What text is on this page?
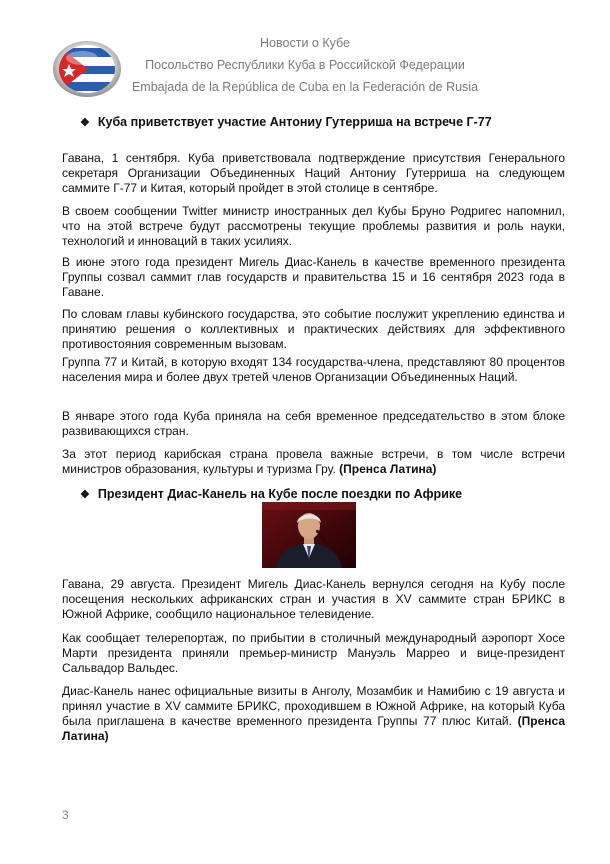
Новости о Кубе
Посольство Республики Куба в Российской Федерации
Embajada de la República de Cuba en la Federación de Rusia
❖ Куба приветствует участие Антониу Гутерриша на встрече Г-77
Гавана, 1 сентября. Куба приветствовала подтверждение присутствия Генерального секретаря Организации Объединенных Наций Антониу Гутерриша на следующем саммите Г-77 и Китая, который пройдет в этой столице в сентябре.
В своем сообщении Twitter министр иностранных дел Кубы Бруно Родригес напомнил, что на этой встрече будут рассмотрены текущие проблемы развития и роль науки, технологий и инноваций в таких усилиях.
В июне этого года президент Мигель Диас-Канель в качестве временного президента Группы созвал саммит глав государств и правительства 15 и 16 сентября 2023 года в Гаване.
По словам главы кубинского государства, это событие послужит укреплению единства и принятию решения о коллективных и практических действиях для эффективного противостояния современным вызовам.
Группа 77 и Китай, в которую входят 134 государства-члена, представляют 80 процентов населения мира и более двух третей членов Организации Объединенных Наций.
В январе этого года Куба приняла на себя временное председательство в этом блоке развивающихся стран.
За этот период карибская страна провела важные встречи, в том числе встречи министров образования, культуры и туризма Гру. (Пренса Латина)
❖ Президент Диас-Канель на Кубе после поездки по Африке
Гавана, 29 августа. Президент Мигель Диас-Канель вернулся сегодня на Кубу после посещения нескольких африканских стран и участия в XV саммите стран БРИКС в Южной Африке, сообщило национальное телевидение.
Как сообщает телерепортаж, по прибытии в столичный международный аэропорт Хосе Марти президента приняли премьер-министр Мануэль Маррео и вице-президент Сальвадор Вальдес.
Диас-Канель нанес официальные визиты в Анголу, Мозамбик и Намибию с 19 августа и принял участие в XV саммите БРИКС, проходившем в Южной Африке, на который Куба была приглашена в качестве временного президента Группы 77 плюс Китай. (Пренса Латина)
3
